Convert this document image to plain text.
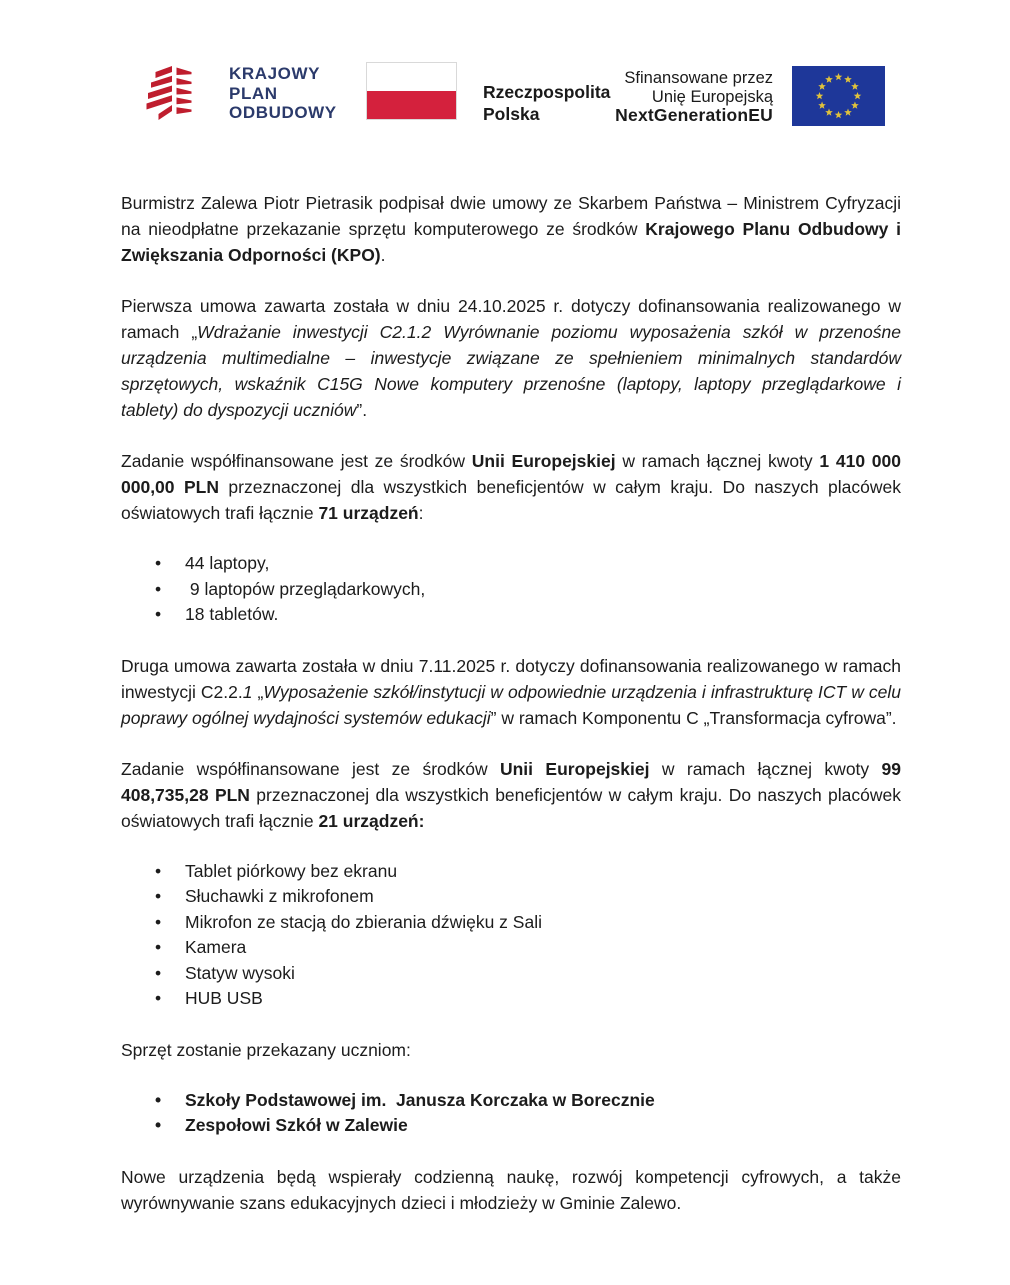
KRAJOWY
PLAN
ODBUDOWY
Rzeczpospolita
Polska
Sfinansowane przez
Unię Europejską
NextGenerationEU

Burmistrz Zalewa Piotr Pietrasik podpisał dwie umowy ze Skarbem Państwa – Ministrem Cyfryzacji na nieodpłatne przekazanie sprzętu komputerowego ze środków Krajowego Planu Odbudowy i Zwiększania Odporności (KPO).

Pierwsza umowa zawarta została w dniu 24.10.2025 r. dotyczy dofinansowania realizowanego w ramach „Wdrażanie inwestycji C2.1.2 Wyrównanie poziomu wyposażenia szkół w przenośne urządzenia multimedialne – inwestycje związane ze spełnieniem minimalnych standardów sprzętowych, wskaźnik C15G Nowe komputery przenośne (laptopy, laptopy przeglądarkowe i tablety) do dyspozycji uczniów”.

Zadanie współfinansowane jest ze środków Unii Europejskiej w ramach łącznej kwoty 1 410 000 000,00 PLN przeznaczonej dla wszystkich beneficjentów w całym kraju. Do naszych placówek oświatowych trafi łącznie 71 urządzeń:

• 44 laptopy,
•  9 laptopów przeglądarkowych,
• 18 tabletów.

Druga umowa zawarta została w dniu 7.11.2025 r. dotyczy dofinansowania realizowanego w ramach inwestycji C2.2.1 „Wyposażenie szkół/instytucji w odpowiednie urządzenia i infrastrukturę ICT w celu poprawy ogólnej wydajności systemów edukacji” w ramach Komponentu C „Transformacja cyfrowa”.

Zadanie współfinansowane jest ze środków Unii Europejskiej w ramach łącznej kwoty 99 408,735,28 PLN przeznaczonej dla wszystkich beneficjentów w całym kraju. Do naszych placówek oświatowych trafi łącznie 21 urządzeń:

• Tablet piórkowy bez ekranu
• Słuchawki z mikrofonem
• Mikrofon ze stacją do zbierania dźwięku z Sali
• Kamera
• Statyw wysoki
• HUB USB

Sprzęt zostanie przekazany uczniom:

• Szkoły Podstawowej im.  Janusza Korczaka w Borecznie
• Zespołowi Szkół w Zalewie

Nowe urządzenia będą wspierały codzienną naukę, rozwój kompetencji cyfrowych, a także wyrównywanie szans edukacyjnych dzieci i młodzieży w Gminie Zalewo.
